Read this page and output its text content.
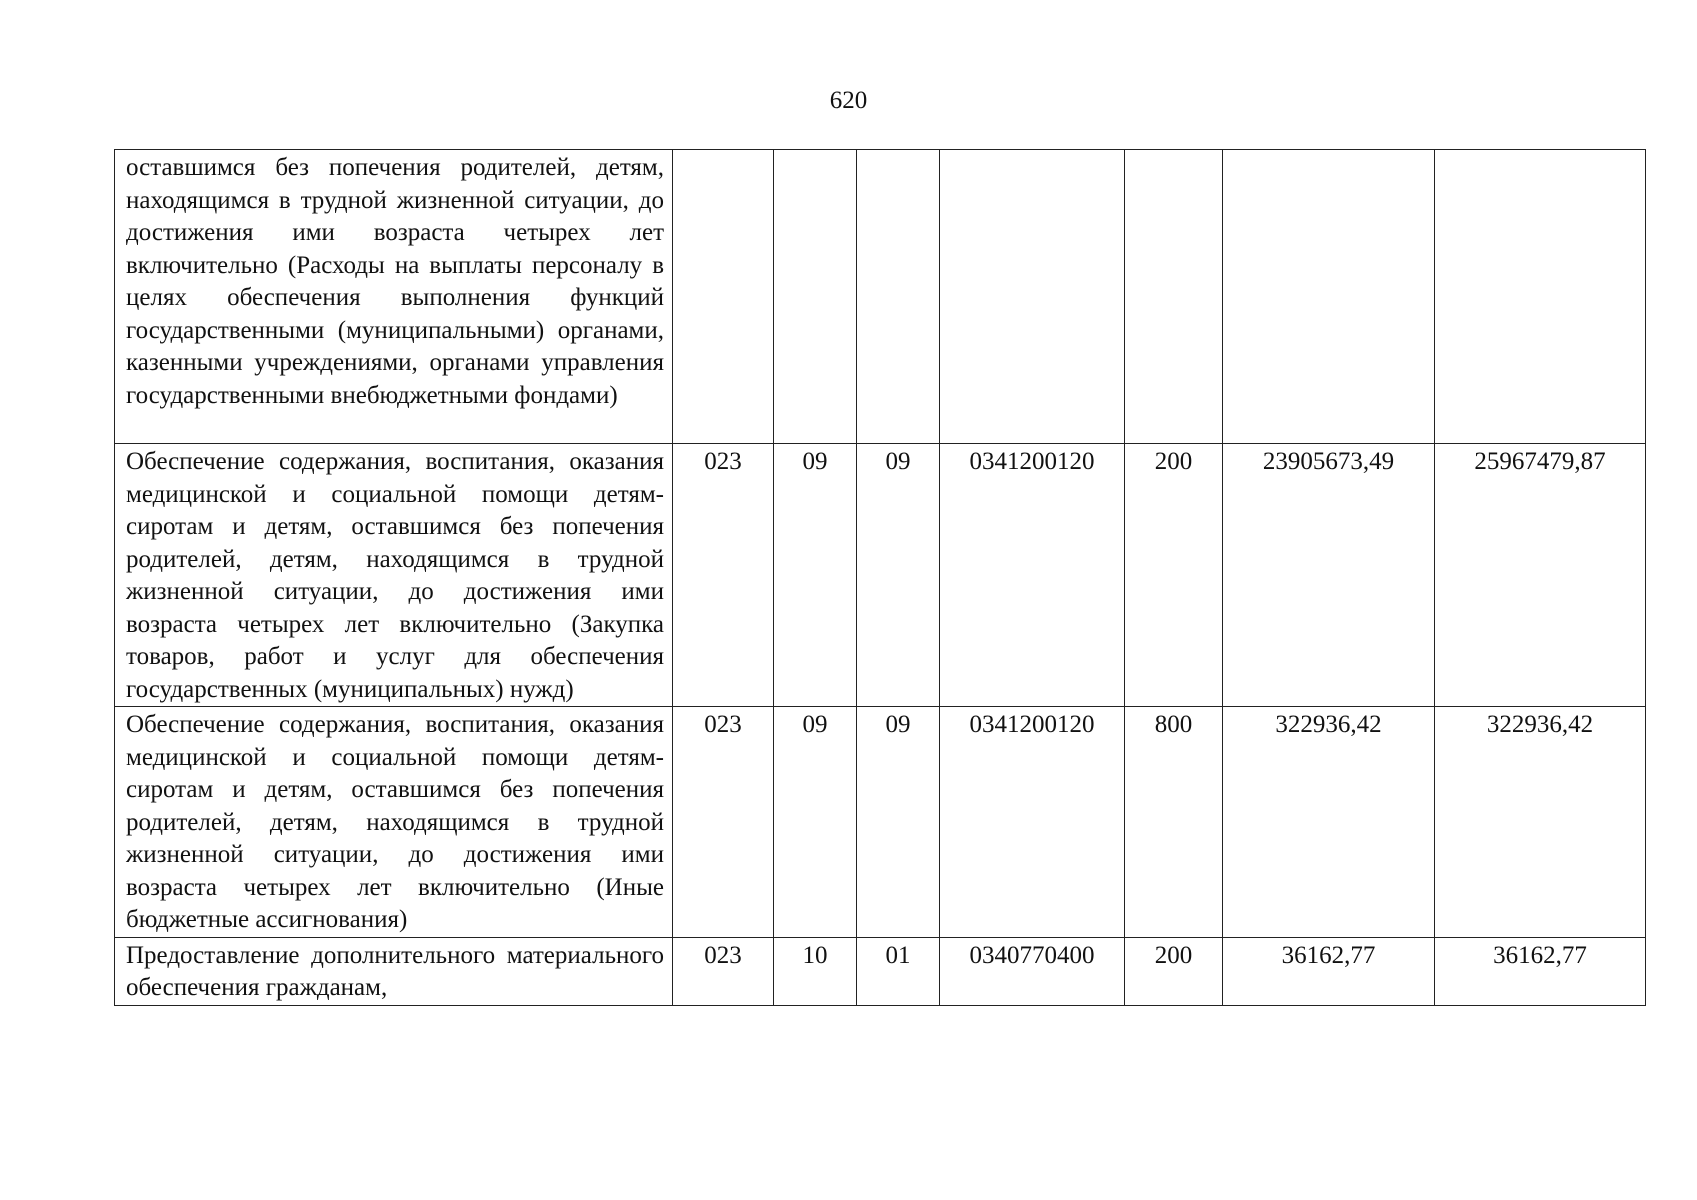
620
оставшимся без попечения родителей, детям, находящимся в трудной жизненной ситуации, до достижения ими возраста четырех лет включительно (Расходы на выплаты персоналу в целях обеспечения выполнения функций государственными (муниципальными) органами, казенными учреждениями, органами управления государственными внебюджетными фондами)							

Обеспечение содержания, воспитания, оказания медицинской и социальной помощи детям-сиротам и детям, оставшимся без попечения родителей, детям, находящимся в трудной жизненной ситуации, до достижения ими возраста четырех лет включительно (Закупка товаров, работ и услуг для обеспечения государственных (муниципальных) нужд)	023	09	09	0341200120	200	23905673,49	25967479,87

Обеспечение содержания, воспитания, оказания медицинской и социальной помощи детям-сиротам и детям, оставшимся без попечения родителей, детям, находящимся в трудной жизненной ситуации, до достижения ими возраста четырех лет включительно (Иные бюджетные ассигнования)	023	09	09	0341200120	800	322936,42	322936,42

Предоставление дополнительного материального обеспечения гражданам,	023	10	01	0340770400	200	36162,77	36162,77
